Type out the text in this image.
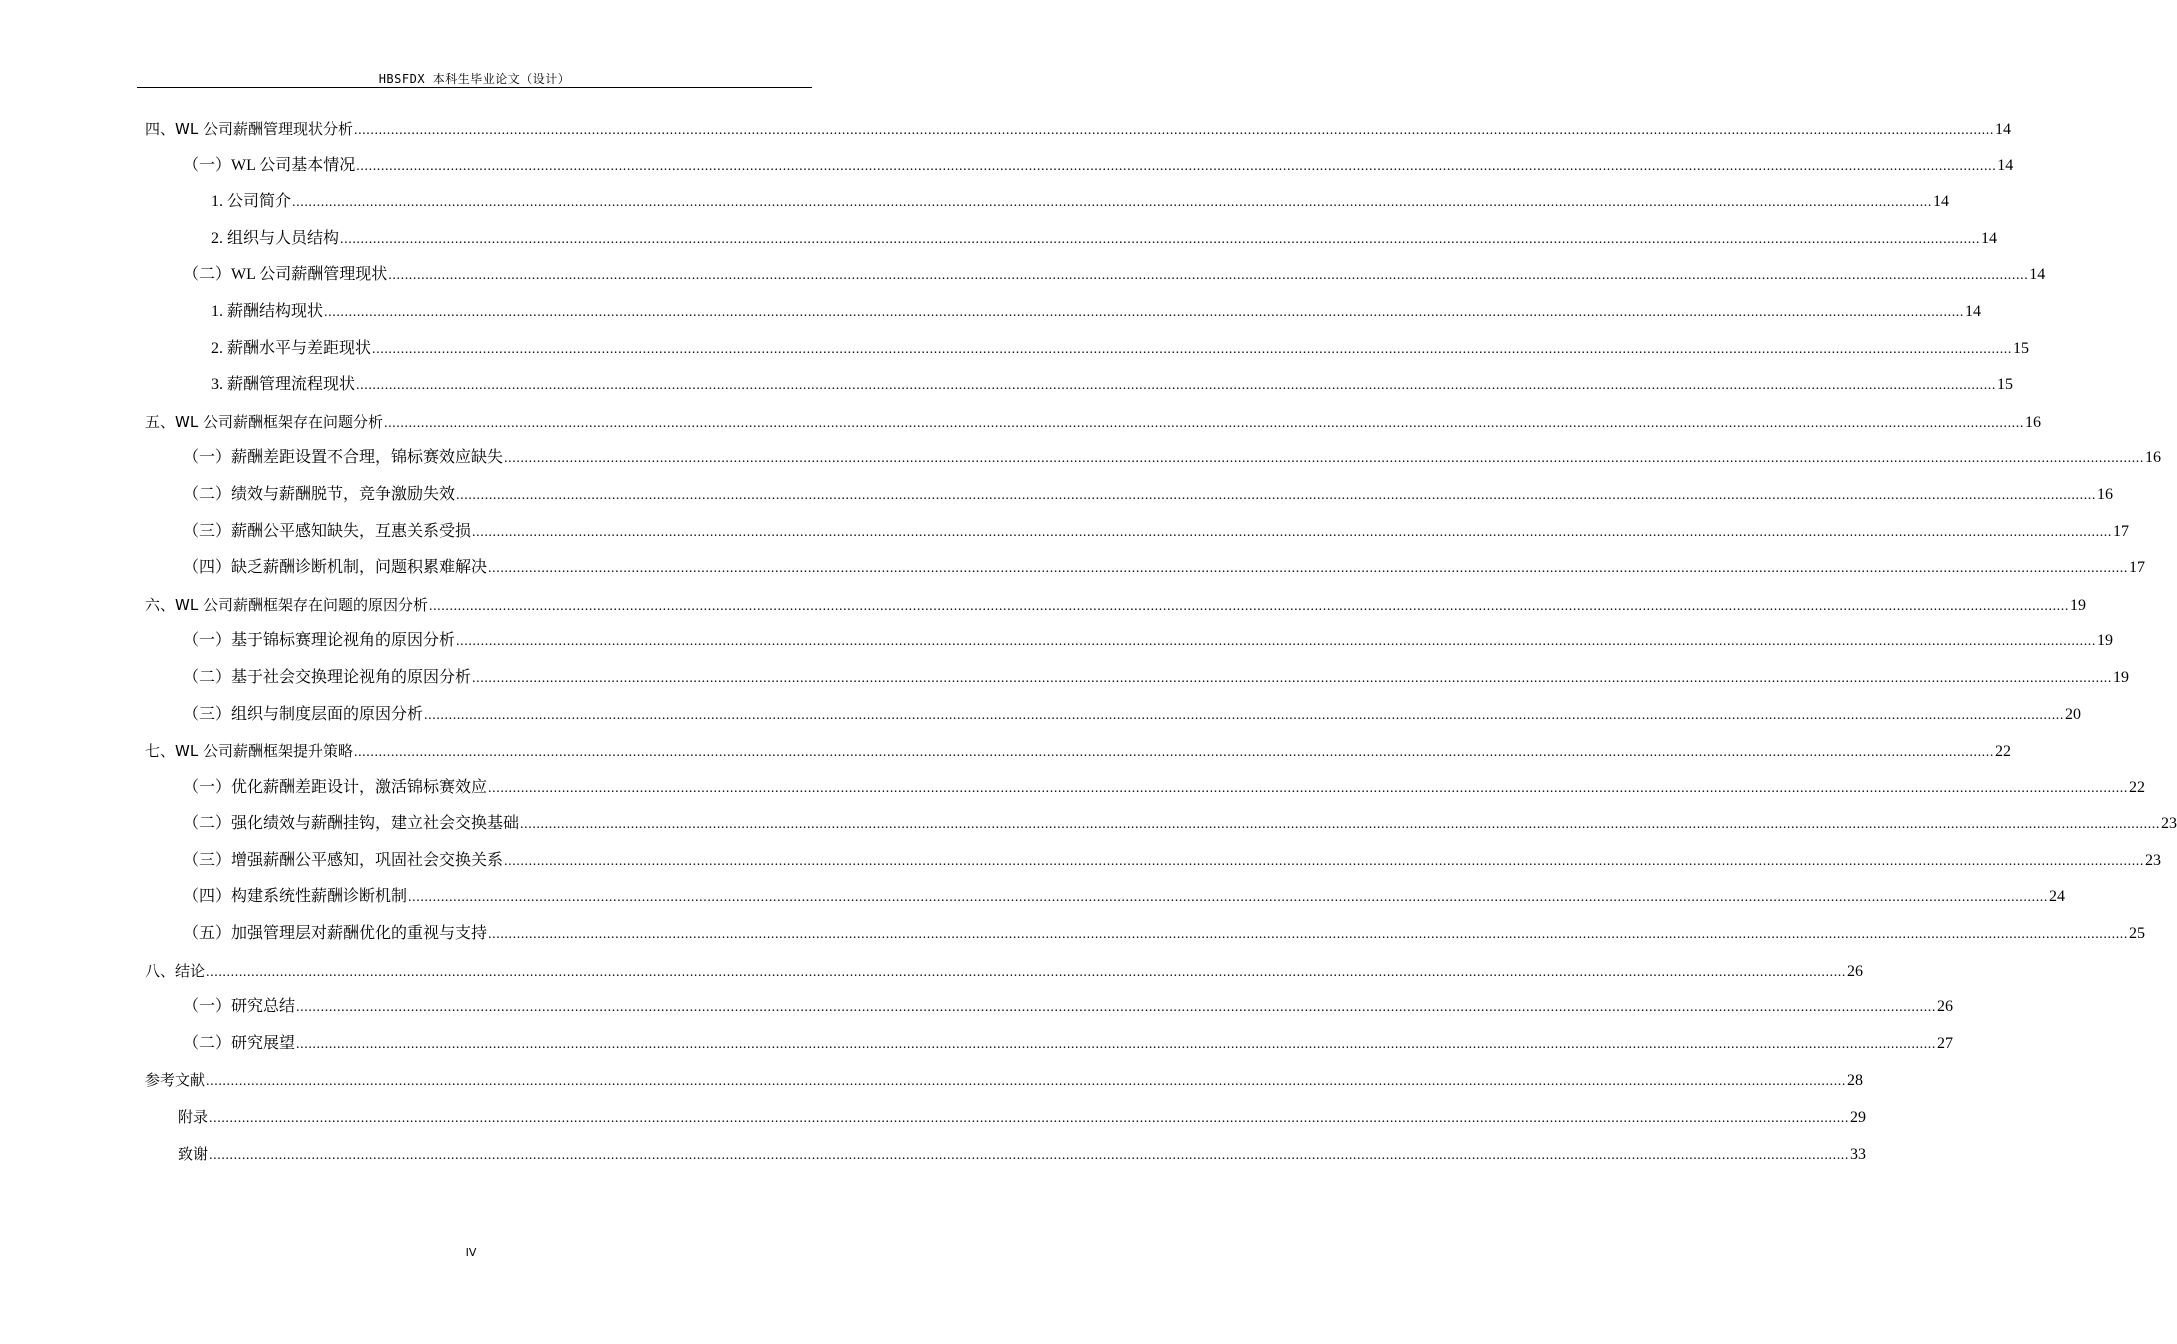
HBSFDX 本科生毕业论文（设计）
四、WL 公司薪酬管理现状分析 ................................................................................................................................................................................................................................................................................................................................................................................................................ 14
（一）WL 公司基本情况 ................................................................................................................................................................................................................................................................................................................................................................................................................ 14
1. 公司简介 ................................................................................................................................................................................................................................................................................................................................................................................................................ 14
2. 组织与人员结构 ................................................................................................................................................................................................................................................................................................................................................................................................................ 14
（二）WL 公司薪酬管理现状 ................................................................................................................................................................................................................................................................................................................................................................................................................ 14
1. 薪酬结构现状 ................................................................................................................................................................................................................................................................................................................................................................................................................ 14
2. 薪酬水平与差距现状 ................................................................................................................................................................................................................................................................................................................................................................................................................ 15
3. 薪酬管理流程现状 ................................................................................................................................................................................................................................................................................................................................................................................................................ 15
五、WL 公司薪酬框架存在问题分析 ................................................................................................................................................................................................................................................................................................................................................................................................................ 16
（一）薪酬差距设置不合理，锦标赛效应缺失 ................................................................................................................................................................................................................................................................................................................................................................................................................ 16
（二）绩效与薪酬脱节，竞争激励失效 ................................................................................................................................................................................................................................................................................................................................................................................................................ 16
（三）薪酬公平感知缺失，互惠关系受损 ................................................................................................................................................................................................................................................................................................................................................................................................................ 17
（四）缺乏薪酬诊断机制，问题积累难解决 ................................................................................................................................................................................................................................................................................................................................................................................................................ 17
六、WL 公司薪酬框架存在问题的原因分析 ................................................................................................................................................................................................................................................................................................................................................................................................................ 19
（一）基于锦标赛理论视角的原因分析 ................................................................................................................................................................................................................................................................................................................................................................................................................ 19
（二）基于社会交换理论视角的原因分析 ................................................................................................................................................................................................................................................................................................................................................................................................................ 19
（三）组织与制度层面的原因分析 ................................................................................................................................................................................................................................................................................................................................................................................................................ 20
七、WL 公司薪酬框架提升策略 ................................................................................................................................................................................................................................................................................................................................................................................................................ 22
（一）优化薪酬差距设计，激活锦标赛效应 ................................................................................................................................................................................................................................................................................................................................................................................................................ 22
（二）强化绩效与薪酬挂钩，建立社会交换基础 ................................................................................................................................................................................................................................................................................................................................................................................................................ 23
（三）增强薪酬公平感知，巩固社会交换关系 ................................................................................................................................................................................................................................................................................................................................................................................................................ 23
（四）构建系统性薪酬诊断机制 ................................................................................................................................................................................................................................................................................................................................................................................................................ 24
（五）加强管理层对薪酬优化的重视与支持 ................................................................................................................................................................................................................................................................................................................................................................................................................ 25
八、结论 ................................................................................................................................................................................................................................................................................................................................................................................................................ 26
（一）研究总结 ................................................................................................................................................................................................................................................................................................................................................................................................................ 26
（二）研究展望 ................................................................................................................................................................................................................................................................................................................................................................................................................ 27
参考文献 ................................................................................................................................................................................................................................................................................................................................................................................................................ 28
附录 ................................................................................................................................................................................................................................................................................................................................................................................................................ 29
致谢 ................................................................................................................................................................................................................................................................................................................................................................................................................ 33
IV
